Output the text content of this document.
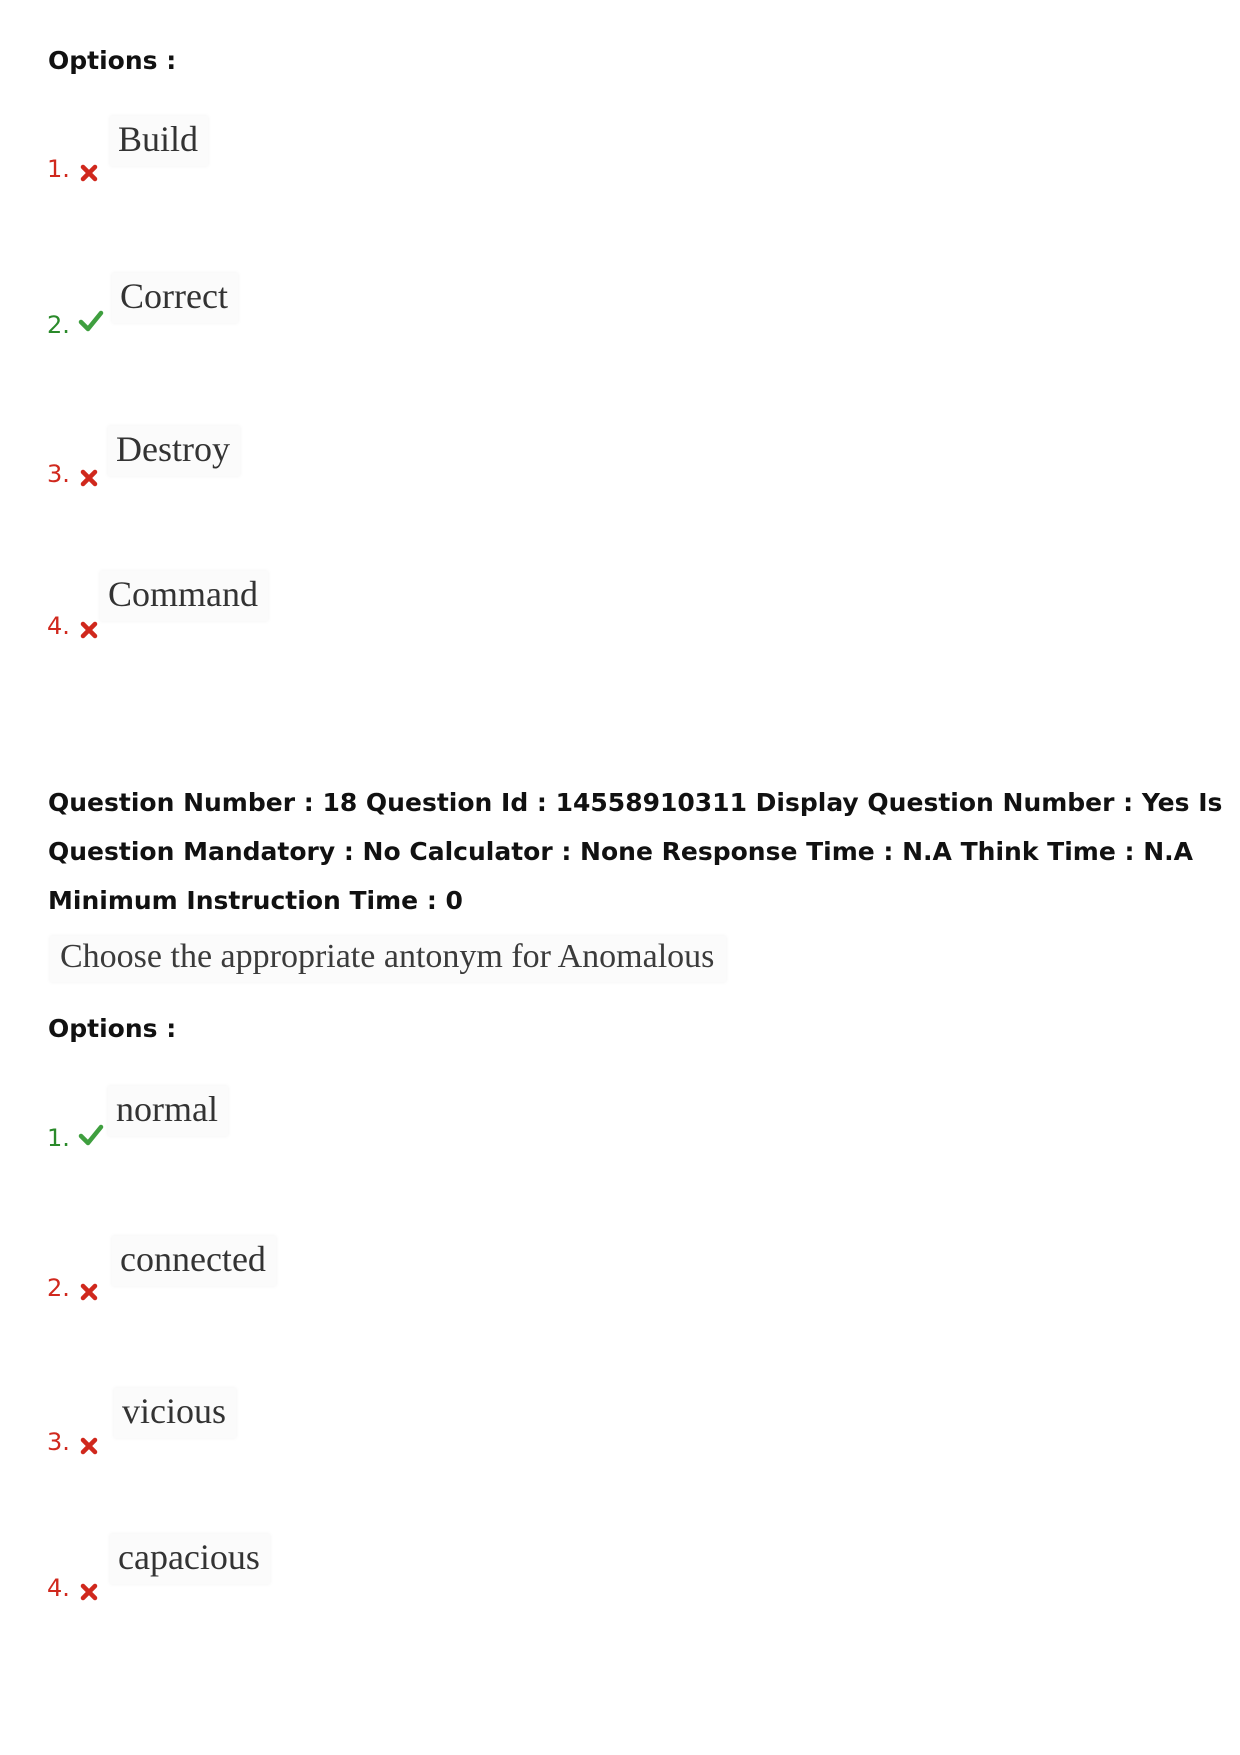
Options :
1.
Build
2.
Correct
3.
Destroy
4.
Command
Question Number : 18 Question Id : 14558910311 Display Question Number : Yes Is Question Mandatory : No Calculator : None Response Time : N.A Think Time : N.A Minimum Instruction Time : 0
Choose the appropriate antonym for Anomalous
Options :
1.
normal
2.
connected
3.
vicious
4.
capacious
